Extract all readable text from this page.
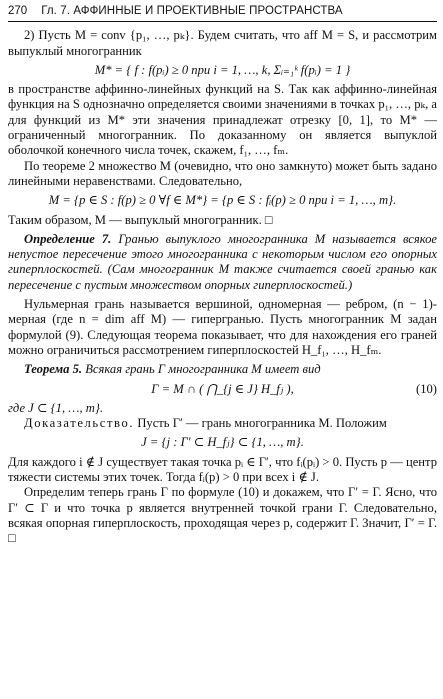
270 Гл. 7. АФФИННЫЕ И ПРОЕКТИВНЫЕ ПРОСТРАНСТВА

2) Пусть M = conv {p₁, …, pₖ}. Будем считать, что aff M = S, и рассмотрим выпуклый многогранник

M* = { f : f(pᵢ) ≥ 0 при i = 1, …, k, Σᵢ₌₁ᵏ f(pᵢ) = 1 }

в пространстве аффинно-линейных функций на S. Так как аффинно-линейная функция на S однозначно определяется своими значениями в точках p₁, …, pₖ, а для функций из M* эти значения принадлежат отрезку [0, 1], то M* — ограниченный многогранник. По доказанному он является выпуклой оболочкой конечного числа точек, скажем, f₁, …, fₘ.

По теореме 2 множество M (очевидно, что оно замкнуто) может быть задано линейными неравенствами. Следовательно,

M = {p ∈ S : f(p) ≥ 0 ∀f ∈ M*} = {p ∈ S : fᵢ(p) ≥ 0 при i = 1, …, m}.

Таким образом, M — выпуклый многогранник. □

Определение 7. Гранью выпуклого многогранника M называется всякое непустое пересечение этого многогранника с некоторым числом его опорных гиперплоскостей. (Сам многогранник M также считается своей гранью как пересечение с пустым множеством опорных гиперплоскостей.)

Нульмерная грань называется вершиной, одномерная — ребром, (n − 1)-мерная (где n = dim aff M) — гипергранью. Пусть многогранник M задан формулой (9). Следующая теорема показывает, что для нахождения его граней можно ограничиться рассмотрением гиперплоскостей H_f₁, …, H_fₘ.

Теорема 5. Всякая грань Γ многогранника M имеет вид

Γ = M ∩ ( ⋂_{j ∈ J} H_fⱼ ),	(10)

где J ⊂ {1, …, m}.

Доказательство. Пусть Γ′ — грань многогранника M. Положим

J = {j : Γ′ ⊂ H_fⱼ} ⊂ {1, …, m}.

Для каждого i ∉ J существует такая точка pᵢ ∈ Γ′, что fᵢ(pᵢ) > 0. Пусть p — центр тяжести системы этих точек. Тогда fᵢ(p) > 0 при всех i ∉ J.

Определим теперь грань Γ по формуле (10) и докажем, что Γ′ = Γ. Ясно, что Γ′ ⊂ Γ и что точка p является внутренней точкой грани Γ. Следовательно, всякая опорная гиперплоскость, проходящая через p, содержит Γ. Значит, Γ′ = Γ. □
